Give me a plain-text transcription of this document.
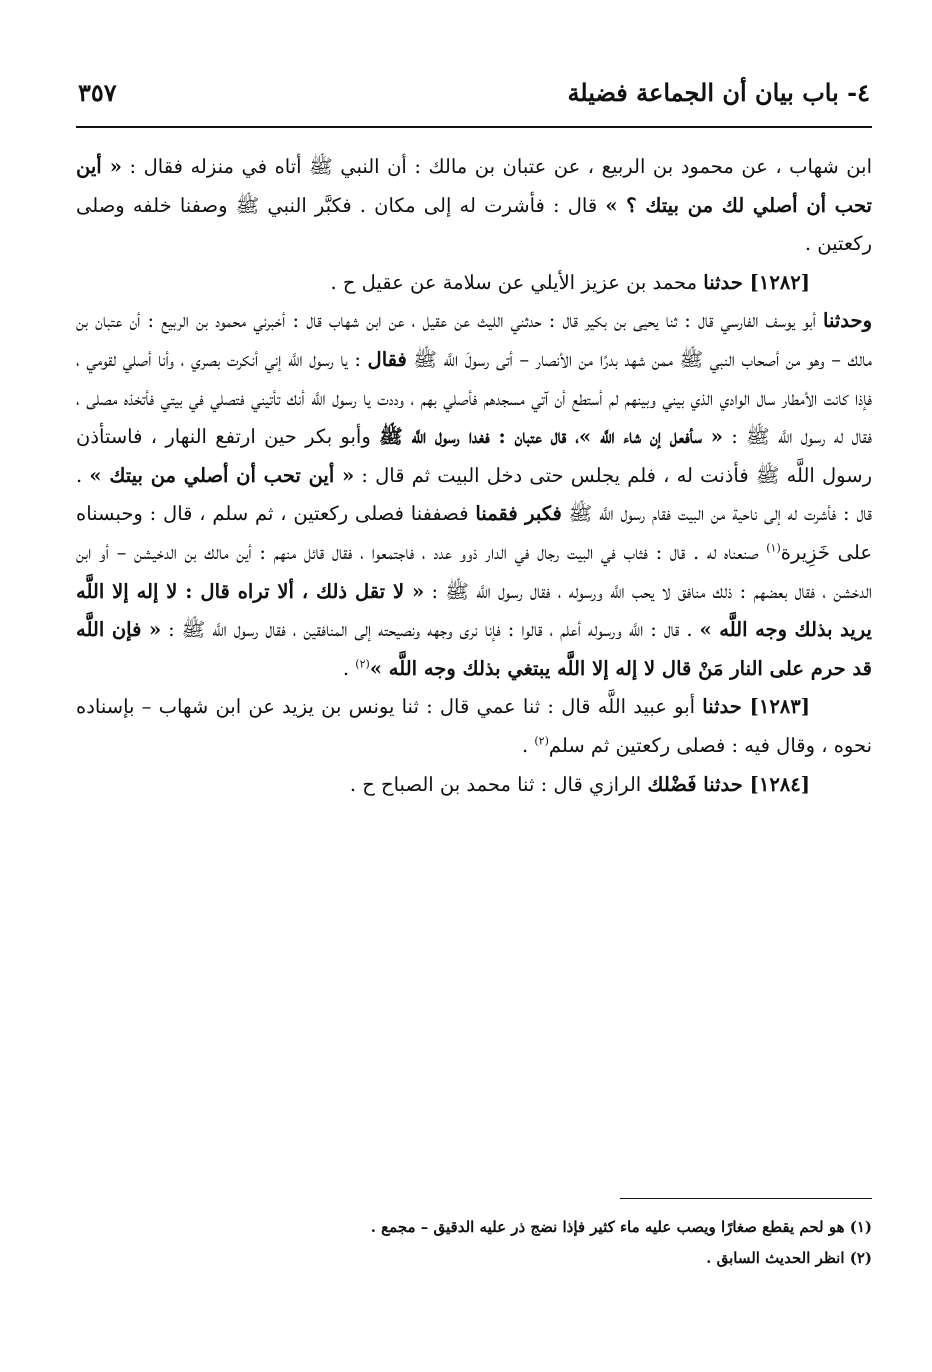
٤- باب بيان أن الجماعة فضيلة
٣٥٧

ابن شهاب ، عن محمود بن الربيع ، عن عتبان بن مالك : أن النبي ﷺ أتاه في منزله فقال : « أين تحب أن أصلي لك من بيتك ؟ » قال : فأشرت له إلى مكان . فكبَّر النبي ﷺ وصفنا خلفه وصلى ركعتين .

[١٢٨٢] حدثنا محمد بن عزيز الأيلي عن سلامة عن عقيل ح .

وحدثنا أبو يوسف الفارسي قال : ثنا يحيى بن بكير قال : حدثني الليث عن عقيل ، عن ابن شهاب قال : أخبرني محمود بن الربيع : أن عتبان بن مالك – وهو من أصحاب النبي ﷺ ممن شهد بدرًا من الأنصار – أتى رسولَ اللَّه ﷺ فقال : يا رسول اللَّه إني أنكرت بصري ، وأنا أصلي لقومي ، فإذا كانت الأمطار سال الوادي الذي بيني وبينهم لم أستطع أن آتي مسجدهم فأصلي بهم ، وددت يا رسول اللَّه أنك تأتيني فتصلي في بيتي فأتخذه مصلى ، فقال له رسول اللَّه ﷺ : « سأفعل إن شاء اللَّه »، قال عتبان : فغدا رسول اللَّه ﷺ وأبو بكر حين ارتفع النهار ، فاستأذن رسول اللَّه ﷺ فأذنت له ، فلم يجلس حتى دخل البيت ثم قال : « أين تحب أن أصلي من بيتك » . قال : فأشرت له إلى ناحية من البيت فقام رسول اللَّه ﷺ فكبر فقمنا فصففنا فصلى ركعتين ، ثم سلم ، قال : وحبسناه على خَزِيرة$^{(١)}$ صنعناه له . قال : فثاب في البيت رجال في الدار ذوو عدد ، فاجتمعوا ، فقال قائل منهم : أين مالك بن الدخيشن – أو ابن الدخشن ، فقال بعضهم : ذلك منافق لا يحب اللَّه ورسوله ، فقال رسول اللَّه ﷺ : « لا تقل ذلك ، ألا تراه قال : لا إله إلا اللَّه يريد بذلك وجه اللَّه » . قال : اللَّه ورسوله أعلم ، قالوا : فإنا نرى وجهه ونصيحته إلى المنافقين ، فقال رسول اللَّه ﷺ : « فإن اللَّه قد حرم على النار مَنْ قال لا إله إلا اللَّه يبتغي بذلك وجه اللَّه »$^{(٢)}$ .

[١٢٨٣] حدثنا أبو عبيد اللَّه قال : ثنا عمي قال : ثنا يونس بن يزيد عن ابن شهاب – بإسناده نحوه ، وقال فيه : فصلى ركعتين ثم سلم$^{(٢)}$ .

[١٢٨٤] حدثنا فَضْلك الرازي قال : ثنا محمد بن الصباح ح .

(١) هو لحم يقطع صغارًا ويصب عليه ماء كثير فإذا نضج ذر عليه الدقيق – مجمع .

(٢) انظر الحديث السابق .
